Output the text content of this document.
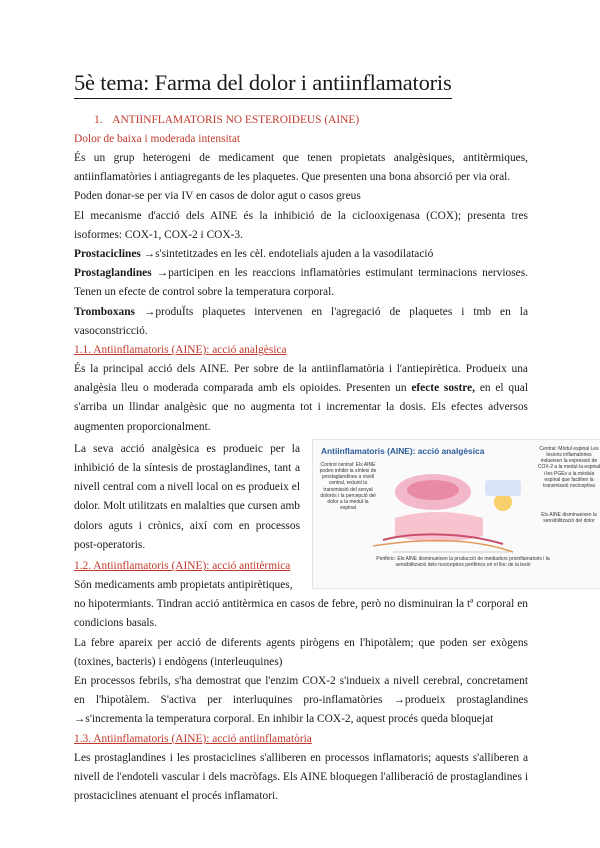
5è tema: Farma del dolor i antiinflamatoris
1. ANTIINFLAMATORIS NO ESTEROIDEUS (AINE)
Dolor de baixa i moderada intensitat

És un grup heterogeni de medicament que tenen propietats analgèsiques, antitèrmiques, antiinflamatòries i antiagregants de les plaquetes. Que presenten una bona absorció per via oral.

Poden donar-se per via IV en casos de dolor agut o casos greus

El mecanisme d'acció dels AINE és la inhibició de la ciclooxigenasa (COX); presenta tres isoformes: COX-1, COX-2 i COX-3.

Prostaciclines →s'sintetitzades en les cèl. endotelials ajuden a la vasodilatació

Prostaglandines →participen en les reaccions inflamatòries estimulant terminacions nervioses. Tenen un efecte de control sobre la temperatura corporal.

Tromboxans →produÏts plaquetes intervenen en l'agregació de plaquetes i tmb en la vasoconstricció.

1.1. Antiinflamatoris (AINE): acció analgèsica

És la principal acció dels AINE. Per sobre de la antiinflamatòria i l'antiepirètica. Produeix una analgèsia lleu o moderada comparada amb els opioides. Presenten un efecte sostre, en el qual s'arriba un llindar analgèsic que no augmenta tot i incrementar la dosis. Els efectes adversos augmenten proporcionalment.

La seva acció analgèsica es produeic per la inhibició de la síntesis de prostaglandines, tant a nivell central com a nivell local on es produeix el dolor. Molt utilitzats en malalties que cursen amb dolors aguts i crònics, així com en processos post-operatoris.

1.2. Antiinflamatoris (AINE): acció antitèrmica

Són medicaments amb propietats antipirètiques,

Antiinflamatoris (AINE): acció analgèsica
Control central: Els AINE poden inhibir la síntesi de prostaglandines a nivell central, reduint la transmissió del senyal dolorós i la percepció del dolor a la medul·la espinal
Central: Mòdul espinal Les lesions inflamatòries indueixen la expressió de COX-2 a la medul·la espinal i les PGEs a la mèdula espinal que faciliten la transmissió nociceptiva
Els AINE disminueixen la sensibilització del dolor
Perifèric: Els AINE disminueixen la producció de mediadors proinflamatoris i la sensibilització dels nociceptors perifèrics en el lloc de la lesió

no hipotermiants. Tindran acció antitèrmica en casos de febre, però no disminuiran la tª corporal en condicions basals.

La febre apareix per acció de diferents agents pirògens en l'hipotàlem; que poden ser exògens (toxines, bacteris) i endògens (interleuquines)

En processos febrils, s'ha demostrat que l'enzim COX-2 s'indueix a nivell cerebral, concretament en l'hipotàlem. S'activa per interluquines pro-inflamatòries →produeix prostaglandines →s'incrementa la temperatura corporal. En inhibir la COX-2, aquest procés queda bloquejat

1.3. Antiinflamatoris (AINE): acció antiinflamatòria

Les prostaglandines i les prostaciclines s'alliberen en processos inflamatoris; aquests s'alliberen a nivell de l'endoteli vascular i dels macròfags. Els AINE bloquegen l'alliberació de prostaglandines i prostaciclines atenuant el procés inflamatori.
